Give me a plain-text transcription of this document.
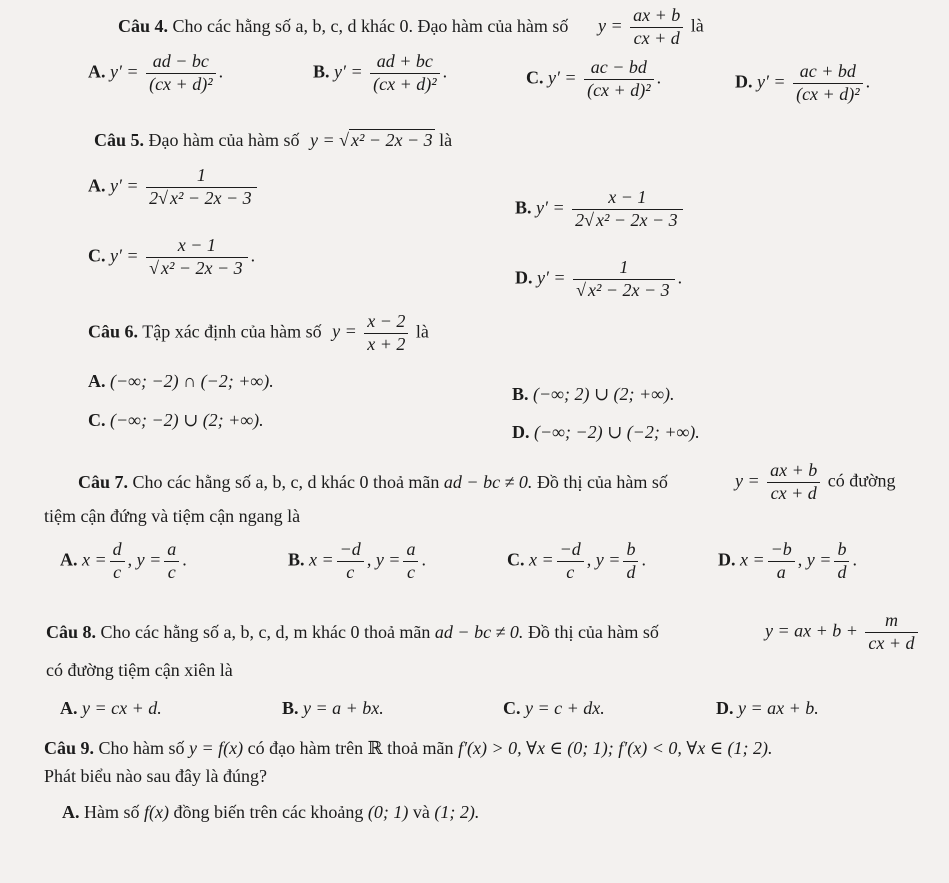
Câu 4. Cho các hằng số a, b, c, d khác 0. Đạo hàm của hàm số $y = \frac{ax + b}{cx + d}$ là
A. $y' = \frac{ad - bc}{\text{(cx + d)²}}$ .	B. $y' = \frac{ad + bc}{\text{(cx + d)²}}$ .	C. $y' = \frac{ac - bd}{\text{(cx + d)²}}$ .	D. $y' = \frac{ac + bd}{\text{(cx + d)²}}$ .
Câu 5. Đạo hàm của hàm số y = √ x² − 2x − 3 là
A. $y' = \frac{1}{\text{2√ x² − 2x − 3}}$	B. $y' = \frac{x - 1}{\text{2√ x² − 2x − 3}}$
C. $y' = \frac{x - 1}{\text{√ x² − 2x − 3}}$ .
D. $y' = \frac{1}{\text{√ x² − 2x − 3}}$ .
Câu 6. Tập xác định của hàm số $y = \frac{x - 2}{x + 2}$ là
A. (−∞; −2) ∩ (−2; +∞).
B. (−∞; 2) ∪ (2; +∞).
C. (−∞; −2) ∪ (2; +∞).
D. (−∞; −2) ∪ (−2; +∞).
Câu 7. Cho các hằng số a, b, c, d khác 0 thoả mãn ad − bc ≠ 0. Đồ thị của hàm số	$y = \frac{ax + b}{cx + d}$ có đường
tiệm cận đứng và tiệm cận ngang là
A. $x = \frac{d}{c}$ , $y = \frac{a}{c}$ .	B. $x = \frac{-d}{c}$ , $y = \frac{a}{c}$ .	C. $x = \frac{-d}{c}$ , $y = \frac{b}{d}$ .	D. $x = \frac{-b}{a}$ , $y = \frac{b}{d}$ .
Câu 8. Cho các hằng số a, b, c, d, m khác 0 thoả mãn ad − bc ≠ 0. Đồ thị của hàm số	y = ax + $b + \frac{m}{cx + d}$
có đường tiệm cận xiên là
A. y = cx + d.	B. y = a + bx.	C. y = c + dx.	D. y = ax + b.
Câu 9. Cho hàm số y = f(x) có đạo hàm trên ℝ thoả mãn f′(x) > 0, ∀x ∈ (0; 1); f′(x) < 0, ∀x ∈ (1; 2).
Phát biểu nào sau đây là đúng?
A. Hàm số f(x) đồng biến trên các khoảng (0; 1) và (1; 2).
